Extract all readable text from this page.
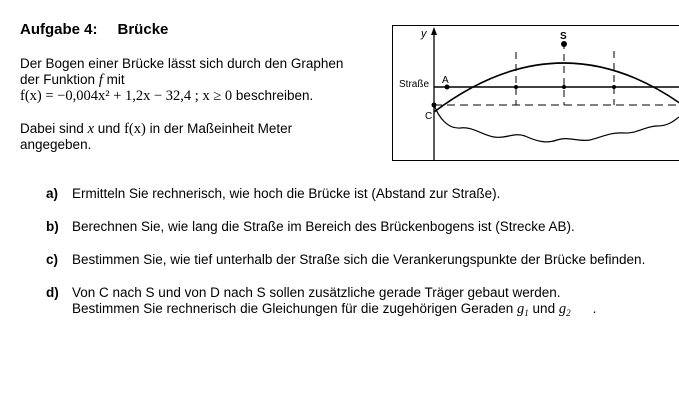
Aufgabe 4: Brücke

Der Bogen einer Brücke lässt sich durch den Graphen

der Funktion f mit

f(x) = −0,004x² + 1,2x − 32,4 ; x ≥ 0 beschreiben.

Dabei sind x und f(x) in der Maßeinheit Meter

angegeben.

y	S
A
C
Straße
a)	Ermitteln Sie rechnerisch, wie hoch die Brücke ist (Abstand zur Straße).
b) Berechnen Sie, wie lang die Straße im Bereich des Brückenbogens ist (Strecke AB).
c)	Bestimmen Sie, wie tief unterhalb der Straße sich die Verankerungspunkte der Brücke befinden.
d) Von C nach S und von D nach S sollen zusätzliche gerade Träger gebaut werden.
Bestimmen Sie rechnerisch die Gleichungen für die zugehörigen Geraden $g_1$ und $g_2$ .
